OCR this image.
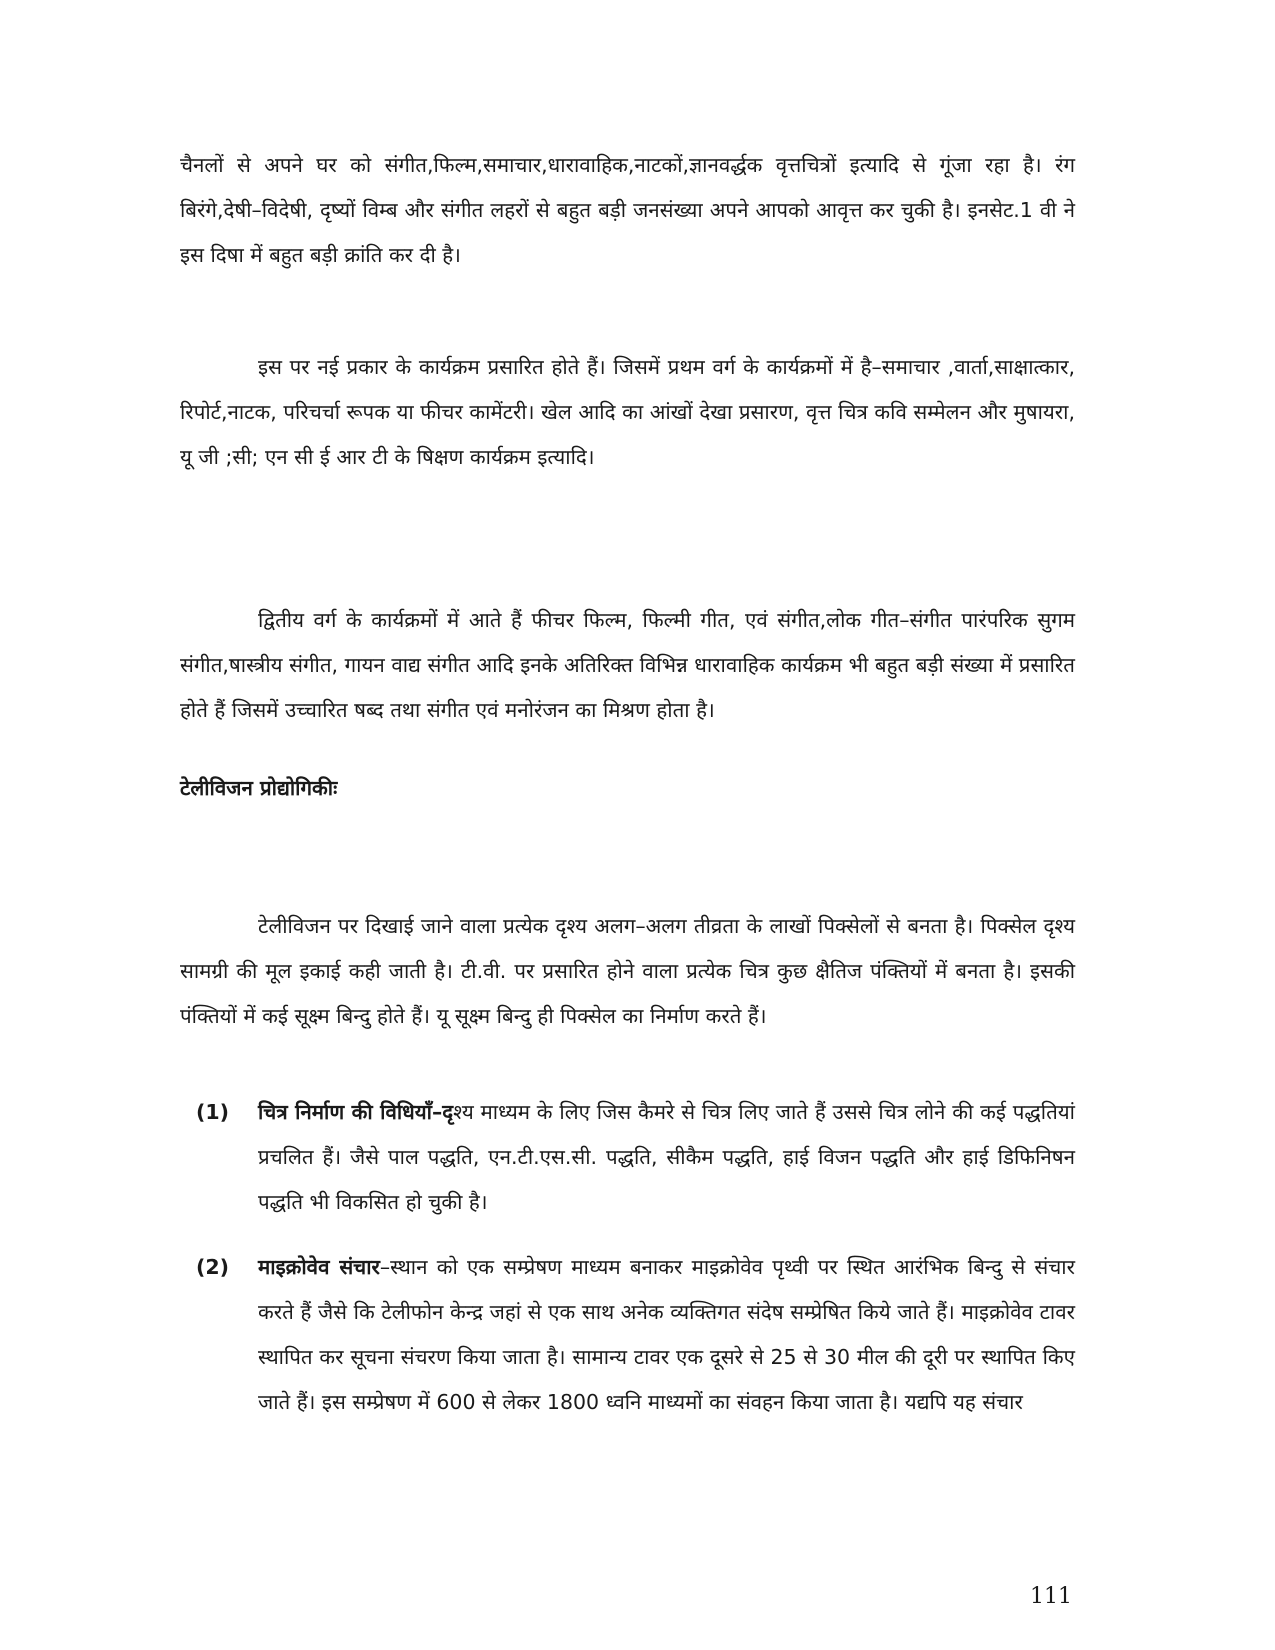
चैनलों से अपने घर को संगीत,फिल्म,समाचार,धारावाहिक,नाटकों,ज्ञानवर्द्धक वृत्तचित्रों इत्यादि से गूंजा रहा है। रंग बिरंगे,देषी–विदेषी, दृष्यों विम्ब और संगीत लहरों से बहुत बड़ी जनसंख्या अपने आपको आवृत्त कर चुकी है। इनसेट.1 वी ने इस दिषा में बहुत बड़ी क्रांति कर दी है।

इस पर नई प्रकार के कार्यक्रम प्रसारित होते हैं। जिसमें प्रथम वर्ग के कार्यक्रमों में है–समाचार ,वार्ता,साक्षात्कार, रिपोर्ट,नाटक, परिचर्चा रूपक या फीचर कामेंटरी। खेल आदि का आंखों देखा प्रसारण, वृत्त चित्र कवि सम्मेलन और मुषायरा, यू जी ;सी; एन सी ई आर टी के षिक्षण कार्यक्रम इत्यादि।

द्वितीय वर्ग के कार्यक्रमों में आते हैं फीचर फिल्म, फिल्मी गीत, एवं संगीत,लोक गीत–संगीत पारंपरिक सुगम संगीत,षास्त्रीय संगीत, गायन वाद्य संगीत आदि इनके अतिरिक्त विभिन्न धारावाहिक कार्यक्रम भी बहुत बड़ी संख्या में प्रसारित होते हैं जिसमें उच्चारित षब्द तथा संगीत एवं मनोरंजन का मिश्रण होता है।

टेलीविजन प्रोद्योगिकीः

टेलीविजन पर दिखाई जाने वाला प्रत्येक दृश्य अलग–अलग तीव्रता के लाखों पिक्सेलों से बनता है। पिक्सेल दृश्य सामग्री की मूल इकाई कही जाती है। टी.वी. पर प्रसारित होने वाला प्रत्येक चित्र कुछ क्षैतिज पंक्तियों में बनता है। इसकी पंक्तियों में कई सूक्ष्म बिन्दु होते हैं। यू सूक्ष्म बिन्दु ही पिक्सेल का निर्माण करते हैं।

(1) चित्र निर्माण की विधियाँ–दृश्य माध्यम के लिए जिस कैमरे से चित्र लिए जाते हैं उससे चित्र लोने की कई पद्धतियां प्रचलित हैं। जैसे पाल पद्धति, एन.टी.एस.सी. पद्धति, सीकैम पद्धति, हाई विजन पद्धति और हाई डिफिनिषन पद्धति भी विकसित हो चुकी है।

(2) माइक्रोवेव संचार–स्थान को एक सम्प्रेषण माध्यम बनाकर माइक्रोवेव पृथ्वी पर स्थित आरंभिक बिन्दु से संचार करते हैं जैसे कि टेलीफोन केन्द्र जहां से एक साथ अनेक व्यक्तिगत संदेष सम्प्रेषित किये जाते हैं। माइक्रोवेव टावर स्थापित कर सूचना संचरण किया जाता है। सामान्य टावर एक दूसरे से 25 से 30 मील की दूरी पर स्थापित किए जाते हैं। इस सम्प्रेषण में 600 से लेकर 1800 ध्वनि माध्यमों का संवहन किया जाता है। यद्यपि यह संचार

111
